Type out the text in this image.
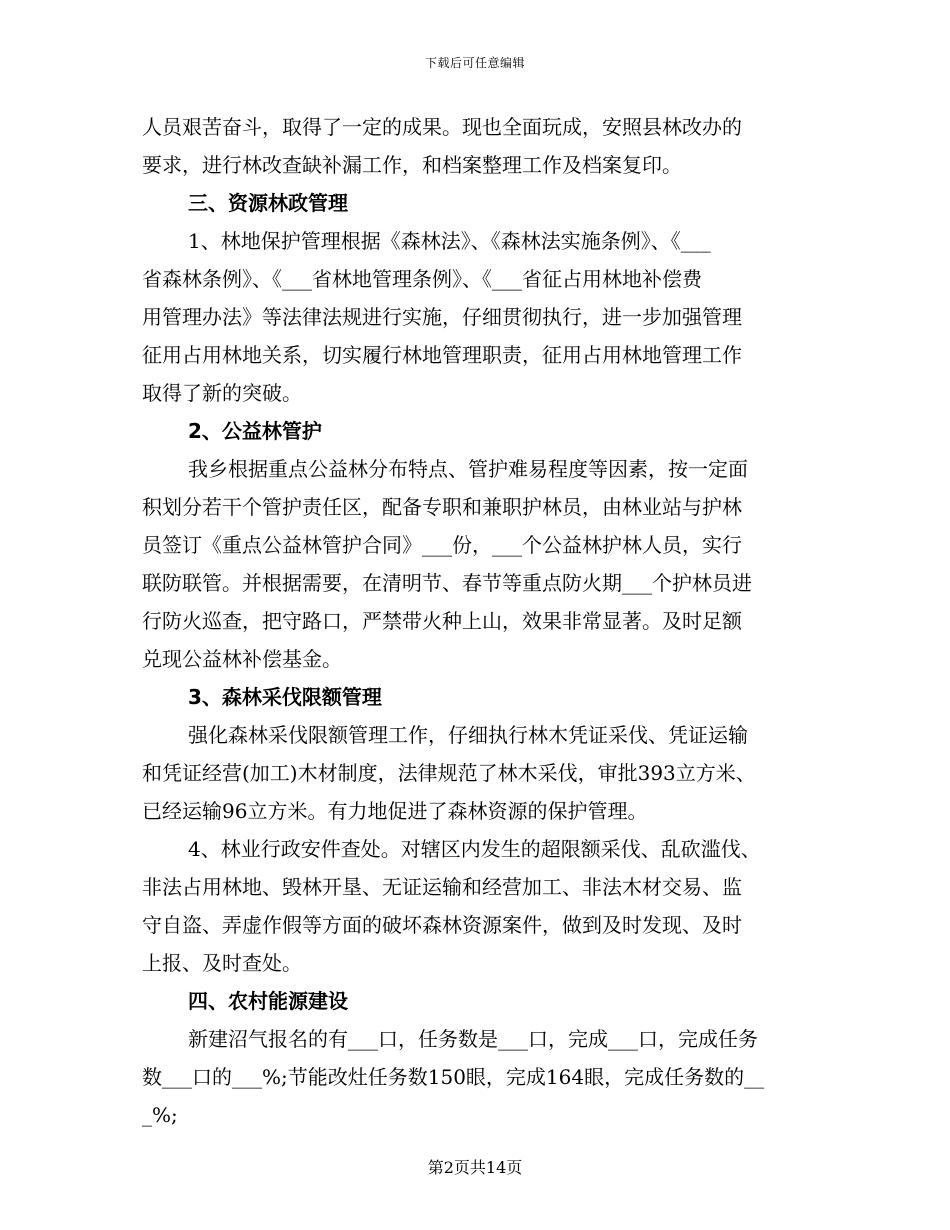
下载后可任意编辑
人员艰苦奋斗，取得了一定的成果。现也全面玩成，安照县林改办的
要求，进行林改查缺补漏工作，和档案整理工作及档案复印。
三、资源林政管理
1、林地保护管理根据《森林法》、《森林法实施条例》、《___
省森林条例》、《___省林地管理条例》、《___省征占用林地补偿费
用管理办法》等法律法规进行实施，仔细贯彻执行，进一步加强管理
征用占用林地关系，切实履行林地管理职责，征用占用林地管理工作
取得了新的突破。
2、公益林管护
我乡根据重点公益林分布特点、管护难易程度等因素，按一定面
积划分若干个管护责任区，配备专职和兼职护林员，由林业站与护林
员签订《重点公益林管护合同》___份，___个公益林护林人员，实行
联防联管。并根据需要，在清明节、春节等重点防火期___个护林员进
行防火巡查，把守路口，严禁带火种上山，效果非常显著。及时足额
兑现公益林补偿基金。
3、森林采伐限额管理
强化森林采伐限额管理工作，仔细执行林木凭证采伐、凭证运输
和凭证经营(加工)木材制度，法律规范了林木采伐，审批393立方米、
已经运输96立方米。有力地促进了森林资源的保护管理。
4、林业行政安件查处。对辖区内发生的超限额采伐、乱砍滥伐、
非法占用林地、毁林开垦、无证运输和经营加工、非法木材交易、监
守自盗、弄虚作假等方面的破坏森林资源案件，做到及时发现、及时
上报、及时查处。
四、农村能源建设
新建沼气报名的有___口，任务数是___口，完成___口，完成任务
数___口的___%;节能改灶任务数150眼，完成164眼，完成任务数的__
_%;
第2页共14页
